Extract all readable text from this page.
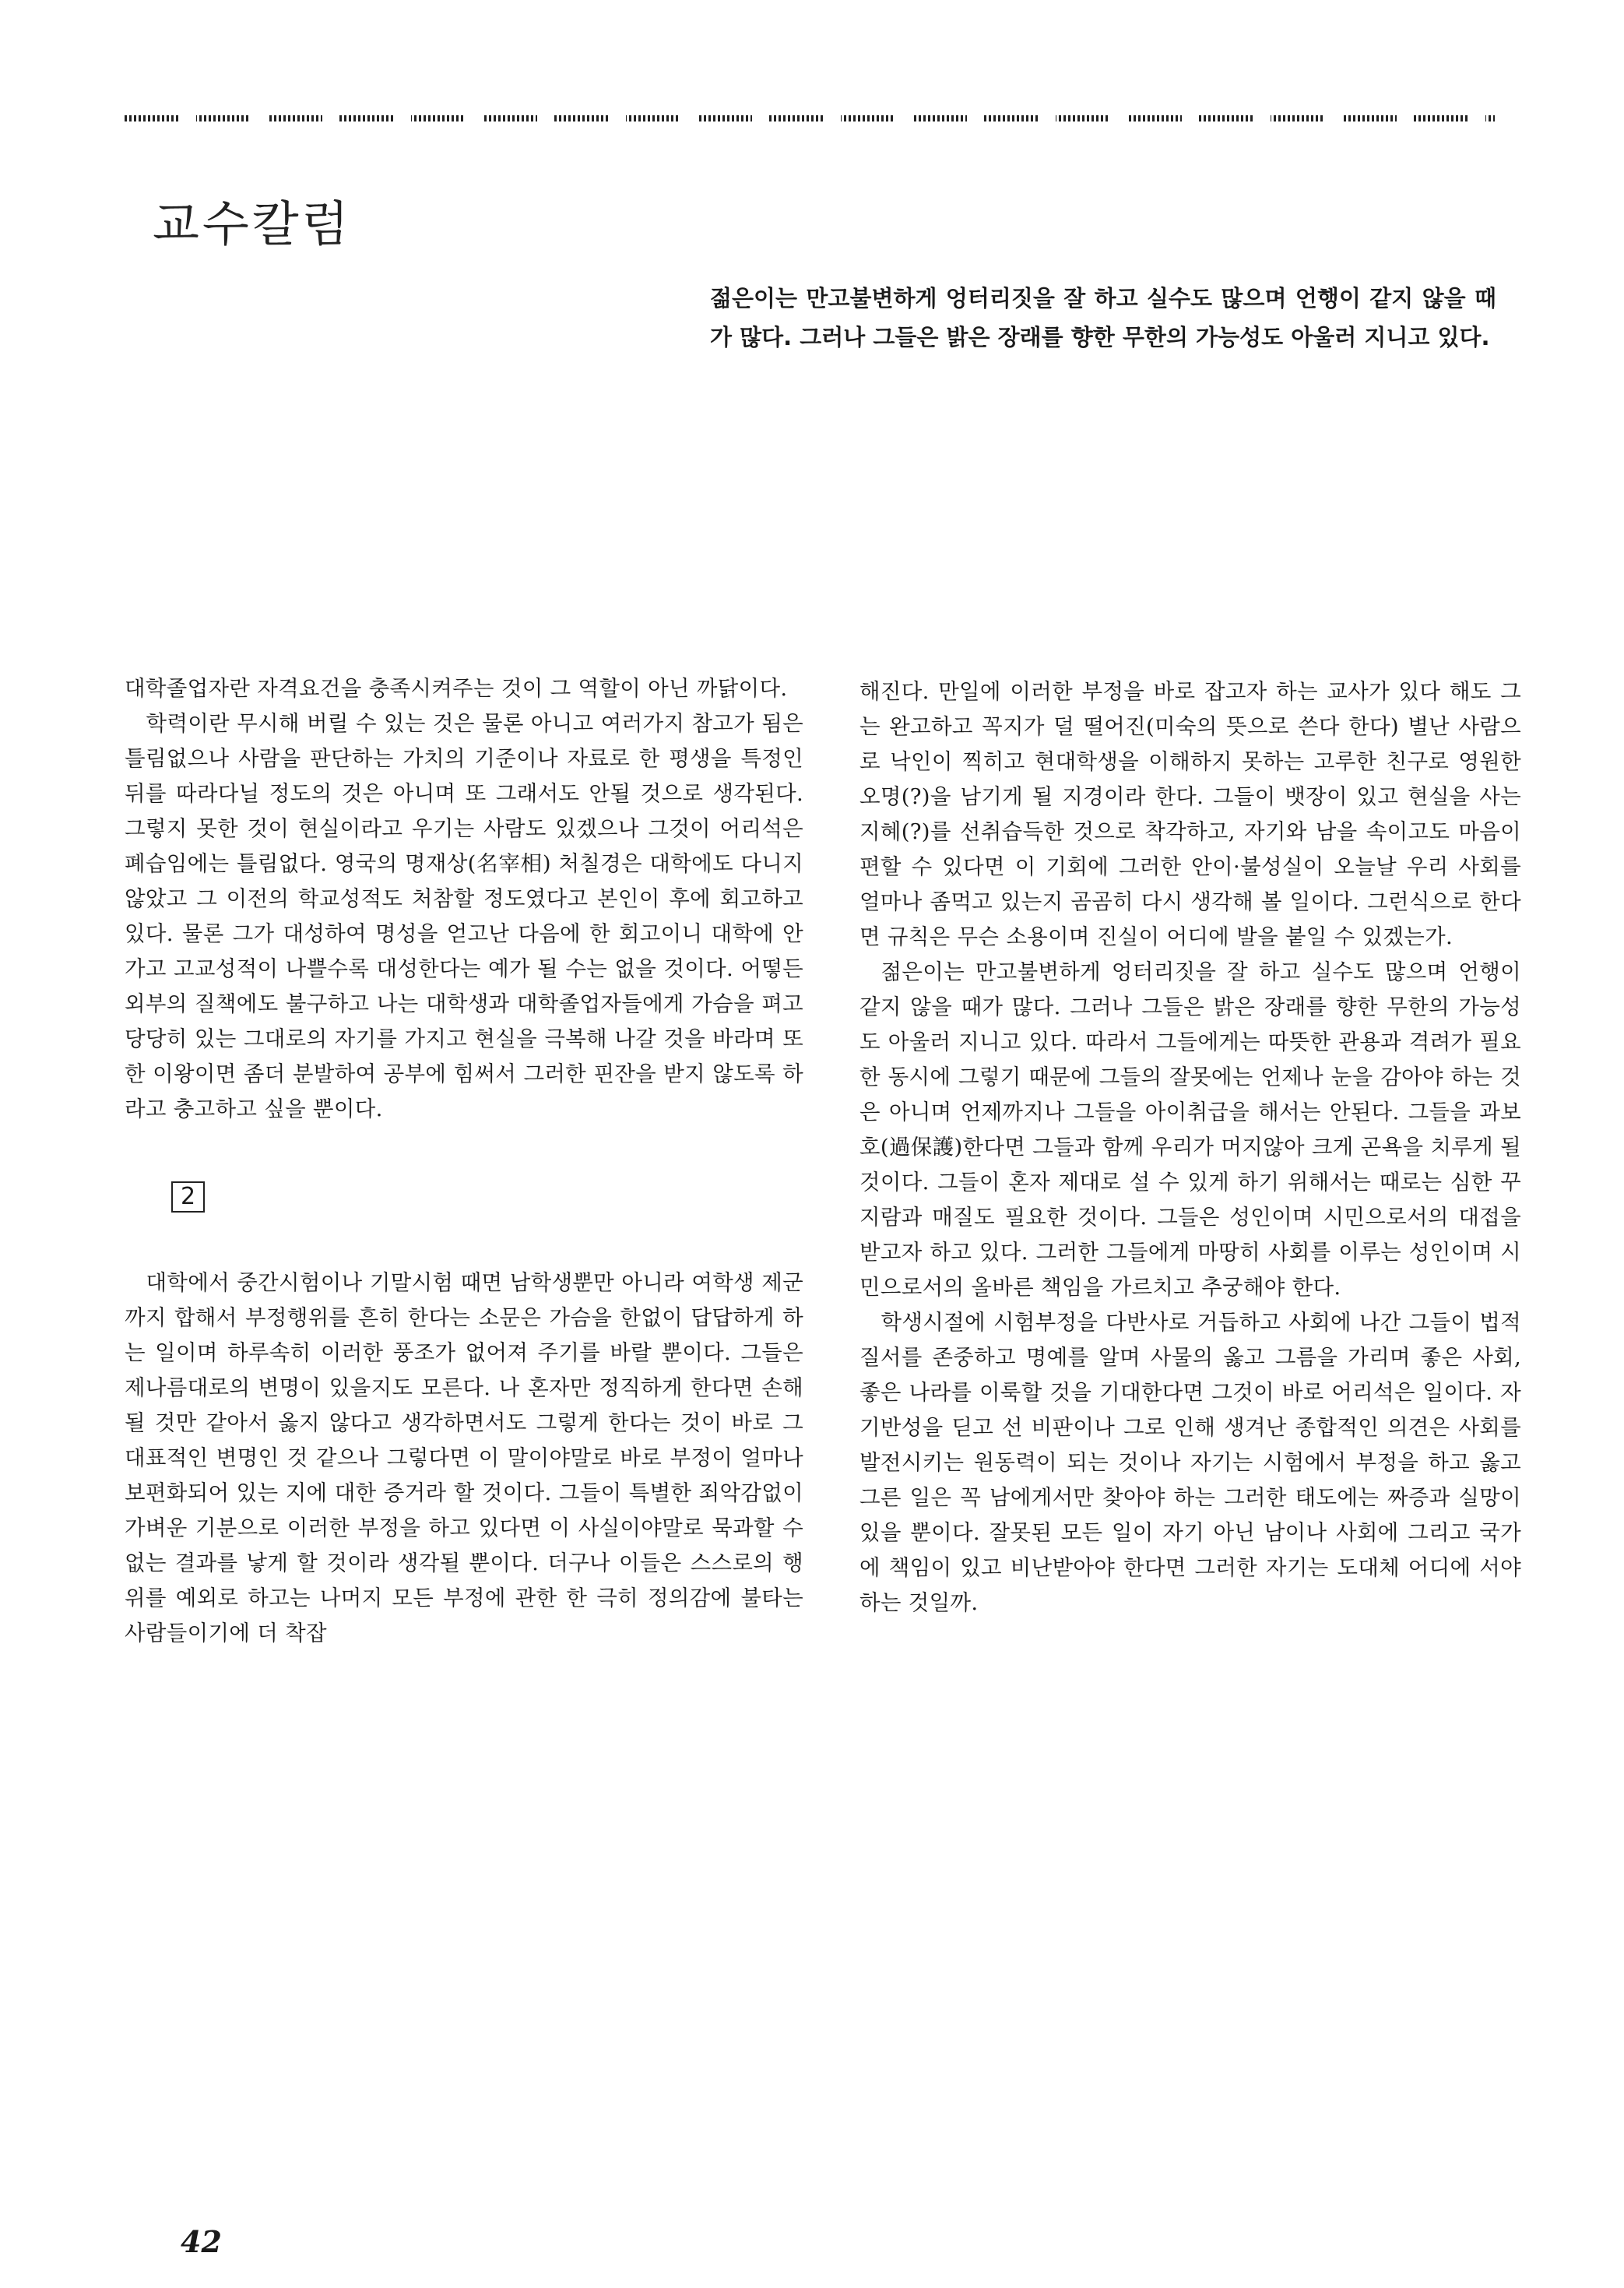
교수칼럼
젊은이는 만고불변하게 엉터리짓을 잘 하고 실수도 많으며 언행이 같지 않을 때가 많다. 그러나 그들은 밝은 장래를 향한 무한의 가능성도 아울러 지니고 있다.

대학졸업자란 자격요건을 충족시켜주는 것이 그 역할이 아닌 까닭이다.

학력이란 무시해 버릴 수 있는 것은 물론 아니고 여러가지 참고가 됨은 틀림없으나 사람을 판단하는 가치의 기준이나 자료로 한 평생을 특정인 뒤를 따라다닐 정도의 것은 아니며 또 그래서도 안될 것으로 생각된다. 그렇지 못한 것이 현실이라고 우기는 사람도 있겠으나 그것이 어리석은 폐습임에는 틀림없다. 영국의 명재상(名宰相) 처칠경은 대학에도 다니지 않았고 그 이전의 학교성적도 처참할 정도였다고 본인이 후에 회고하고 있다. 물론 그가 대성하여 명성을 얻고난 다음에 한 회고이니 대학에 안가고 고교성적이 나쁠수록 대성한다는 예가 될 수는 없을 것이다. 어떻든 외부의 질책에도 불구하고 나는 대학생과 대학졸업자들에게 가슴을 펴고 당당히 있는 그대로의 자기를 가지고 현실을 극복해 나갈 것을 바라며 또한 이왕이면 좀더 분발하여 공부에 힘써서 그러한 핀잔을 받지 않도록 하라고 충고하고 싶을 뿐이다.

2

대학에서 중간시험이나 기말시험 때면 남학생뿐만 아니라 여학생 제군까지 합해서 부정행위를 흔히 한다는 소문은 가슴을 한없이 답답하게 하는 일이며 하루속히 이러한 풍조가 없어져 주기를 바랄 뿐이다. 그들은 제나름대로의 변명이 있을지도 모른다. 나 혼자만 정직하게 한다면 손해될 것만 같아서 옳지 않다고 생각하면서도 그렇게 한다는 것이 바로 그 대표적인 변명인 것 같으나 그렇다면 이 말이야말로 바로 부정이 얼마나 보편화되어 있는 지에 대한 증거라 할 것이다. 그들이 특별한 죄악감없이 가벼운 기분으로 이러한 부정을 하고 있다면 이 사실이야말로 묵과할 수 없는 결과를 낳게 할 것이라 생각될 뿐이다. 더구나 이들은 스스로의 행위를 예외로 하고는 나머지 모든 부정에 관한 한 극히 정의감에 불타는 사람들이기에 더 착잡

해진다. 만일에 이러한 부정을 바로 잡고자 하는 교사가 있다 해도 그는 완고하고 꼭지가 덜 떨어진(미숙의 뜻으로 쓴다 한다) 별난 사람으로 낙인이 찍히고 현대학생을 이해하지 못하는 고루한 친구로 영원한 오명(?)을 남기게 될 지경이라 한다. 그들이 뱃장이 있고 현실을 사는 지혜(?)를 선취습득한 것으로 착각하고, 자기와 남을 속이고도 마음이 편할 수 있다면 이 기회에 그러한 안이·불성실이 오늘날 우리 사회를 얼마나 좀먹고 있는지 곰곰히 다시 생각해 볼 일이다. 그런식으로 한다면 규칙은 무슨 소용이며 진실이 어디에 발을 붙일 수 있겠는가.

젊은이는 만고불변하게 엉터리짓을 잘 하고 실수도 많으며 언행이 같지 않을 때가 많다. 그러나 그들은 밝은 장래를 향한 무한의 가능성도 아울러 지니고 있다. 따라서 그들에게는 따뜻한 관용과 격려가 필요한 동시에 그렇기 때문에 그들의 잘못에는 언제나 눈을 감아야 하는 것은 아니며 언제까지나 그들을 아이취급을 해서는 안된다. 그들을 과보호(過保護)한다면 그들과 함께 우리가 머지않아 크게 곤욕을 치루게 될 것이다. 그들이 혼자 제대로 설 수 있게 하기 위해서는 때로는 심한 꾸지람과 매질도 필요한 것이다. 그들은 성인이며 시민으로서의 대접을 받고자 하고 있다. 그러한 그들에게 마땅히 사회를 이루는 성인이며 시민으로서의 올바른 책임을 가르치고 추궁해야 한다.

학생시절에 시험부정을 다반사로 거듭하고 사회에 나간 그들이 법적 질서를 존중하고 명예를 알며 사물의 옳고 그름을 가리며 좋은 사회, 좋은 나라를 이룩할 것을 기대한다면 그것이 바로 어리석은 일이다. 자기반성을 딛고 선 비판이나 그로 인해 생겨난 종합적인 의견은 사회를 발전시키는 원동력이 되는 것이나 자기는 시험에서 부정을 하고 옳고 그른 일은 꼭 남에게서만 찾아야 하는 그러한 태도에는 짜증과 실망이 있을 뿐이다. 잘못된 모든 일이 자기 아닌 남이나 사회에 그리고 국가에 책임이 있고 비난받아야 한다면 그러한 자기는 도대체 어디에 서야 하는 것일까.

42
